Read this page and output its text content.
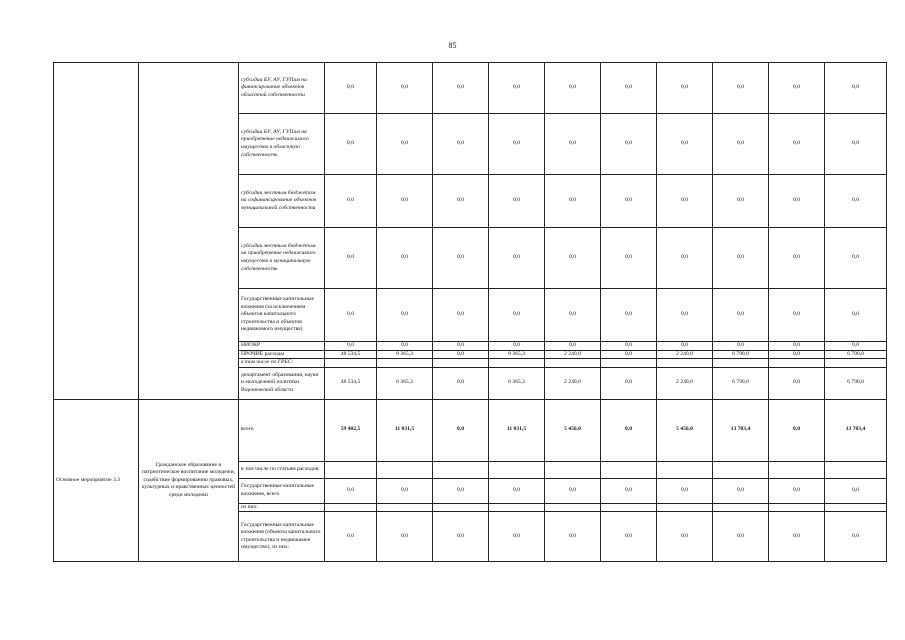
85
		субсидии БУ, АУ, ГУПам на финансирование объектов областной собственности	0,0	0,0	0,0	0,0	0,0	0,0	0,0	0,0	0,0	0,0
		субсидии БУ, АУ, ГУПам на приобретение недвижимого имущества в областную собственность	0,0	0,0	0,0	0,0	0,0	0,0	0,0	0,0	0,0	0,0
		субсидии местным бюджетам на софинансирование объектов муниципальной собственности	0,0	0,0	0,0	0,0	0,0	0,0	0,0	0,0	0,0	0,0
		субсидии местным бюджетам на приобретение недвижимого имущества в муниципальную собственность	0,0	0,0	0,0	0,0	0,0	0,0	0,0	0,0	0,0	0,0
		Государственные капитальные вложения (за исключением объектов капитального строительства и объектов недвижимого имущества)	0,0	0,0	0,0	0,0	0,0	0,0	0,0	0,0	0,0	0,0
		НИОКР	0,0	0,0	0,0	0,0	0,0	0,0	0,0	0,0	0,0	0,0
		ПРОЧИЕ расходы	48 534,5	8 365,3	0,0	8 365,3	2 240,0	0,0	2 240,0	6 790,0	0,0	6 790,0
		в том числе по ГРБС:										
		департамент образования, науки и молодежной политики Воронежской области	48 534,5	8 365,3	0,0	8 365,3	2 240,0	0,0	2 240,0	6 790,0	0,0	6 790,0
Основное мероприятие 3.3	Гражданское образование и патриотическое воспитание молодежи, содействие формированию правовых, культурных и нравственных ценностей среди молодежи	всего	59 402,5	11 031,5	0,0	11 031,5	5 450,0	0,0	5 450,0	13 703,4	0,0	13 703,4
		в том числе по статьям расходов:										
		Государственные капитальные вложения, всего	0,0	0,0	0,0	0,0	0,0	0,0	0,0	0,0	0,0	0,0
		из них:										
		Государственные капитальные вложения (объекты капитального строительства и недвижимое имущество), из них:	0,0	0,0	0,0	0,0	0,0	0,0	0,0	0,0	0,0	0,0
